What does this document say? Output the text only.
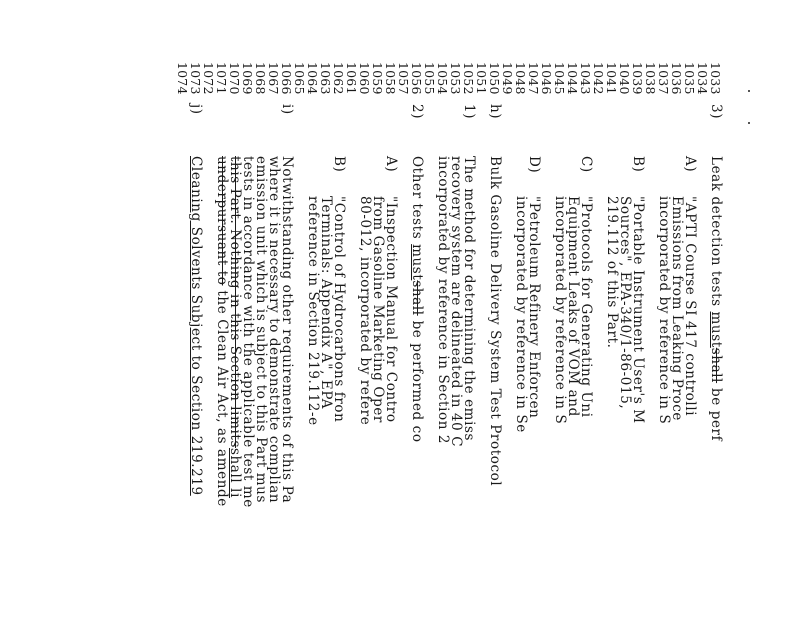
1033
1034
1035
1036
1037
1038
1039
1040
1041
1042
1043
1044
1045
1046
1047
1048
1049
1050
1051
1052
1053
1054
1055
1056
1057
1058
1059
1060
1061
1062
1063
1064
1065
1066
1067
1068
1069
1070
1071
1072
1073
1074
3)
Leak detection tests mustshall be perf
A)
"APTI Course SI 417 controlli
Emissions from Leaking Proce
incorporated by reference in S
B)
"Portable Instrument User's M
Sources", EPA-340/1-86-015,
219.112 of this Part.
C)
"Protocols for Generating Uni
Equipment Leaks of VOM and
incorporated by reference in S
D)
"Petroleum Refinery Enforcen
incorporated by reference in Se
h)
Bulk Gasoline Delivery System Test Protocol
1)
The method for determining the emiss
recovery system are delineated in 40 C
incorporated by reference in Section 2
2)
Other tests mustshall be performed co
A)
"Inspection Manual for Contro
from Gasoline Marketing Oper
80-012, incorporated by refere
B)
"Control of Hydrocarbons fron
Terminals: Appendix A", EPA
reference in Section 219.112-e
i)
Notwithstanding other requirements of this Pa
where it is necessary to demonstrate complian
emission unit which is subject to this Part mus
tests in accordance with the applicable test me
this Part. Nothing in this Section limitsshall li
underpursuant to the Clean Air Act, as amende
j)
Cleaning Solvents Subject to Section 219.219
